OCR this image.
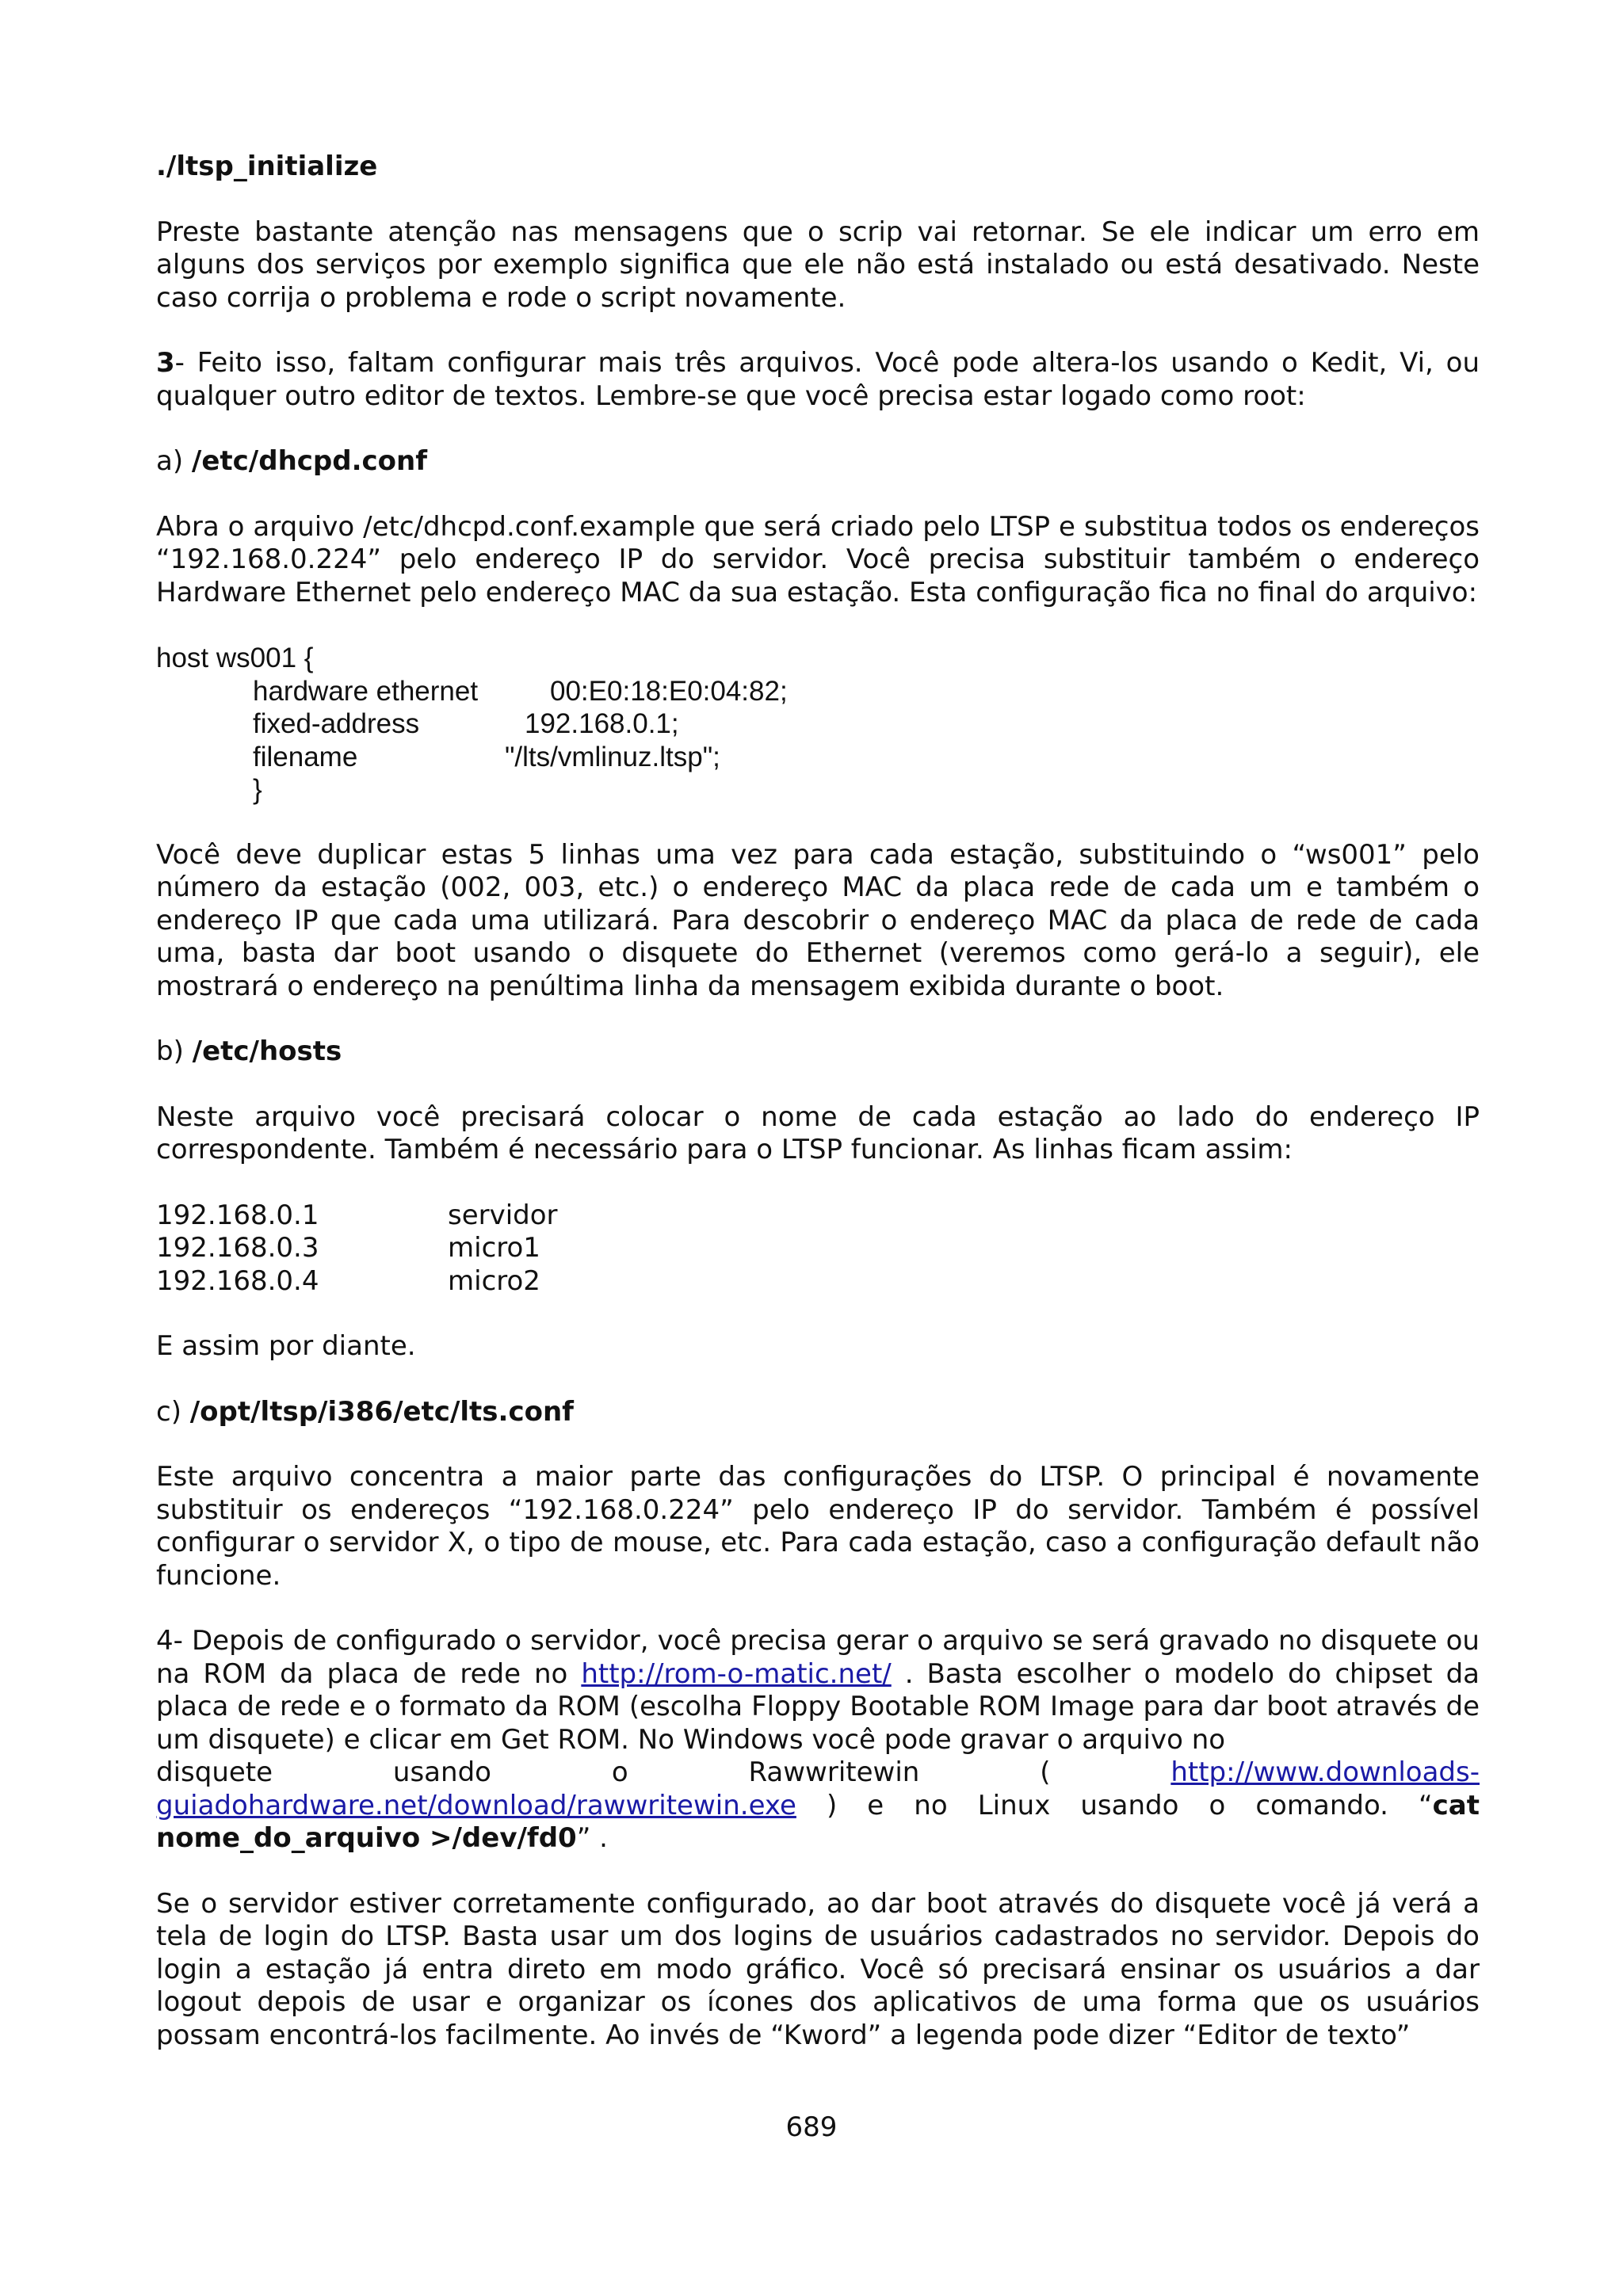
./ltsp_initialize

Preste bastante atenção nas mensagens que o scrip vai retornar. Se ele indicar um erro em alguns dos serviços por exemplo significa que ele não está instalado ou está desativado. Neste caso corrija o problema e rode o script novamente.

3- Feito isso, faltam configurar mais três arquivos. Você pode altera-los usando o Kedit, Vi, ou qualquer outro editor de textos. Lembre-se que você precisa estar logado como root:

a) /etc/dhcpd.conf

Abra o arquivo /etc/dhcpd.conf.example que será criado pelo LTSP e substitua todos os endereços “192.168.0.224” pelo endereço IP do servidor. Você precisa substituir também o endereço Hardware Ethernet pelo endereço MAC da sua estação. Esta configuração fica no final do arquivo:

host ws001 {
hardware ethernet	00:E0:18:E0:04:82;
fixed-address	192.168.0.1;
filename	"/lts/vmlinuz.ltsp";
}

Você deve duplicar estas 5 linhas uma vez para cada estação, substituindo o “ws001” pelo número da estação (002, 003, etc.) o endereço MAC da placa rede de cada um e também o endereço IP que cada uma utilizará. Para descobrir o endereço MAC da placa de rede de cada uma, basta dar boot usando o disquete do Ethernet (veremos como gerá-lo a seguir), ele mostrará o endereço na penúltima linha da mensagem exibida durante o boot.

b) /etc/hosts

Neste arquivo você precisará colocar o nome de cada estação ao lado do endereço IP correspondente. Também é necessário para o LTSP funcionar. As linhas ficam assim:

192.168.0.1	servidor
192.168.0.3	micro1
192.168.0.4	micro2

E assim por diante.

c) /opt/ltsp/i386/etc/lts.conf

Este arquivo concentra a maior parte das configurações do LTSP. O principal é novamente substituir os endereços “192.168.0.224” pelo endereço IP do servidor. Também é possível configurar o servidor X, o tipo de mouse, etc. Para cada estação, caso a configuração default não funcione.

4- Depois de configurado o servidor, você precisa gerar o arquivo se será gravado no disquete ou na ROM da placa de rede no http://rom-o-matic.net/ . Basta escolher o modelo do chipset da placa de rede e o formato da ROM (escolha Floppy Bootable ROM Image para dar boot através de um disquete) e clicar em Get ROM. No Windows você pode gravar o arquivo no

disquete	usando	o	Rawwritewin	(	http://www.downloads-

guiadohardware.net/download/rawwritewin.exe ) e no Linux usando o comando. “cat

nome_do_arquivo >/dev/fd0” .

Se o servidor estiver corretamente configurado, ao dar boot através do disquete você já verá a tela de login do LTSP. Basta usar um dos logins de usuários cadastrados no servidor. Depois do login a estação já entra direto em modo gráfico. Você só precisará ensinar os usuários a dar logout depois de usar e organizar os ícones dos aplicativos de uma forma que os usuários possam encontrá-los facilmente. Ao invés de “Kword” a legenda pode dizer “Editor de texto”

689
